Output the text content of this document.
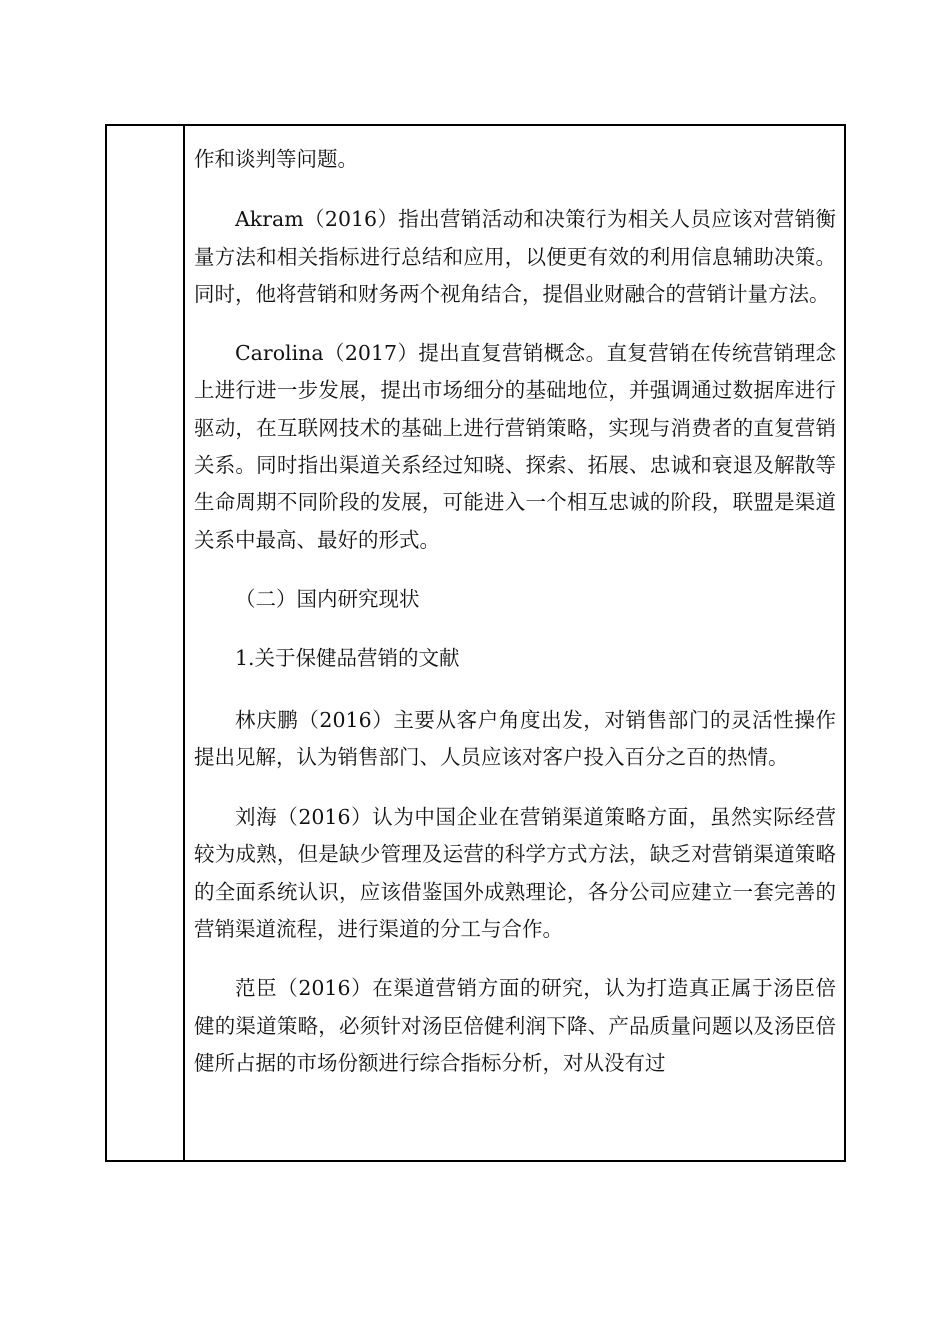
作和谈判等问题。

Akram（2016）指出营销活动和决策行为相关人员应该对营销衡量方法和相关指标进行总结和应用，以便更有效的利用信息辅助决策。同时，他将营销和财务两个视角结合，提倡业财融合的营销计量方法。

Carolina（2017）提出直复营销概念。直复营销在传统营销理念上进行进一步发展，提出市场细分的基础地位，并强调通过数据库进行驱动，在互联网技术的基础上进行营销策略，实现与消费者的直复营销关系。同时指出渠道关系经过知晓、探索、拓展、忠诚和衰退及解散等生命周期不同阶段的发展，可能进入一个相互忠诚的阶段，联盟是渠道关系中最高、最好的形式。

（二）国内研究现状

1.关于保健品营销的文献

林庆鹏（2016）主要从客户角度出发，对销售部门的灵活性操作提出见解，认为销售部门、人员应该对客户投入百分之百的热情。

刘海（2016）认为中国企业在营销渠道策略方面，虽然实际经营较为成熟，但是缺少管理及运营的科学方式方法，缺乏对营销渠道策略的全面系统认识，应该借鉴国外成熟理论，各分公司应建立一套完善的营销渠道流程，进行渠道的分工与合作。

范臣（2016）在渠道营销方面的研究，认为打造真正属于汤臣倍健的渠道策略，必须针对汤臣倍健利润下降、产品质量问题以及汤臣倍健所占据的市场份额进行综合指标分析，对从没有过
